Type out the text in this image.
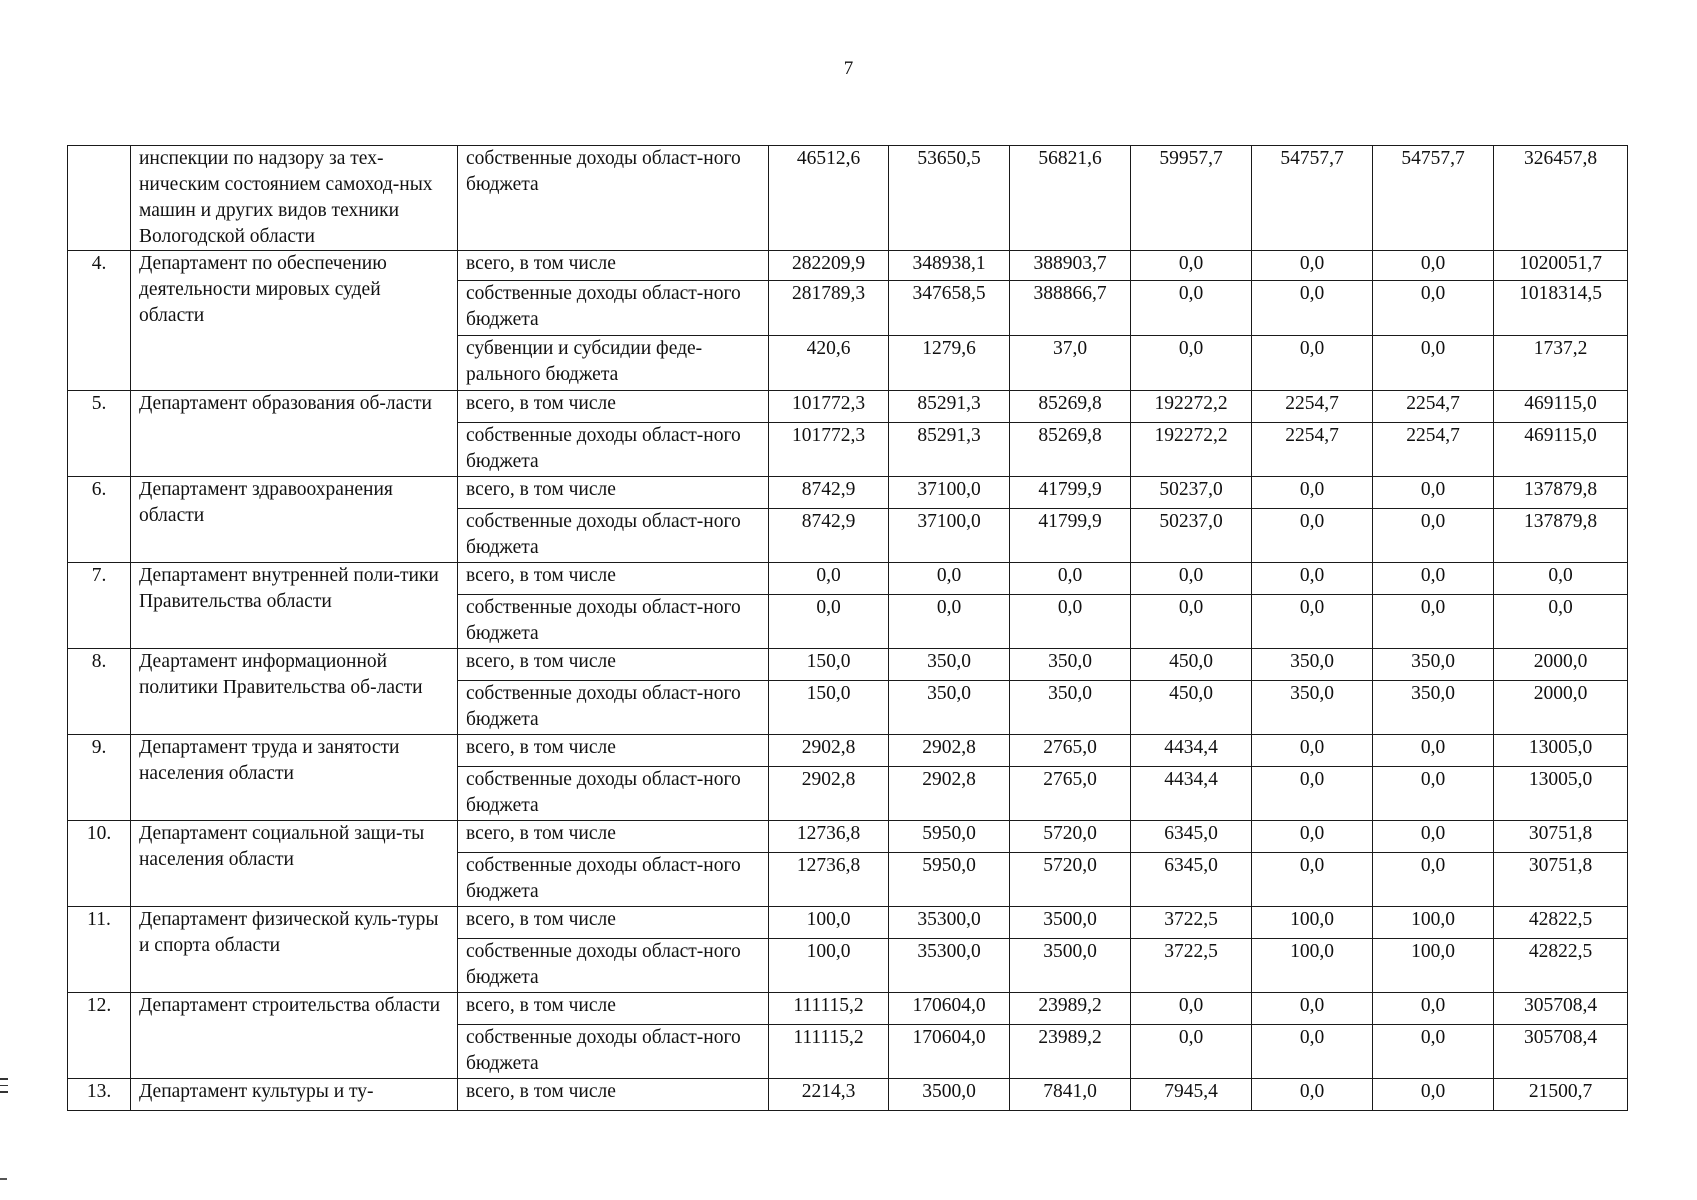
7
	инспекции по надзору за тех-ническим состоянием самоход-ных машин и других видов техники Вологодской области	собственные доходы област-ного бюджета	46512,6	53650,5	56821,6	59957,7	54757,7	54757,7	326457,8
4.	Департамент по обеспечению деятельности мировых судей области	всего, в том числе	282209,9	348938,1	388903,7	0,0	0,0	0,0	1020051,7
		собственные доходы област-ного бюджета	281789,3	347658,5	388866,7	0,0	0,0	0,0	1018314,5
		субвенции и субсидии феде-рального бюджета	420,6	1279,6	37,0	0,0	0,0	0,0	1737,2
5.	Департамент образования об-ласти	всего, в том числе	101772,3	85291,3	85269,8	192272,2	2254,7	2254,7	469115,0
		собственные доходы област-ного бюджета	101772,3	85291,3	85269,8	192272,2	2254,7	2254,7	469115,0
6.	Департамент здравоохранения области	всего, в том числе	8742,9	37100,0	41799,9	50237,0	0,0	0,0	137879,8
		собственные доходы област-ного бюджета	8742,9	37100,0	41799,9	50237,0	0,0	0,0	137879,8
7.	Департамент внутренней поли-тики Правительства области	всего, в том числе	0,0	0,0	0,0	0,0	0,0	0,0	0,0
		собственные доходы област-ного бюджета	0,0	0,0	0,0	0,0	0,0	0,0	0,0
8.	Деартамент информационной политики Правительства об-ласти	всего, в том числе	150,0	350,0	350,0	450,0	350,0	350,0	2000,0
		собственные доходы област-ного бюджета	150,0	350,0	350,0	450,0	350,0	350,0	2000,0
9.	Департамент труда и занятости населения области	всего, в том числе	2902,8	2902,8	2765,0	4434,4	0,0	0,0	13005,0
		собственные доходы област-ного бюджета	2902,8	2902,8	2765,0	4434,4	0,0	0,0	13005,0
10.	Департамент социальной защи-ты населения области	всего, в том числе	12736,8	5950,0	5720,0	6345,0	0,0	0,0	30751,8
		собственные доходы област-ного бюджета	12736,8	5950,0	5720,0	6345,0	0,0	0,0	30751,8
11.	Департамент физической куль-туры и спорта области	всего, в том числе	100,0	35300,0	3500,0	3722,5	100,0	100,0	42822,5
		собственные доходы област-ного бюджета	100,0	35300,0	3500,0	3722,5	100,0	100,0	42822,5
12.	Департамент строительства области	всего, в том числе	111115,2	170604,0	23989,2	0,0	0,0	0,0	305708,4
		собственные доходы област-ного бюджета	111115,2	170604,0	23989,2	0,0	0,0	0,0	305708,4
13.	Департамент культуры и ту-	всего, в том числе	2214,3	3500,0	7841,0	7945,4	0,0	0,0	21500,7
